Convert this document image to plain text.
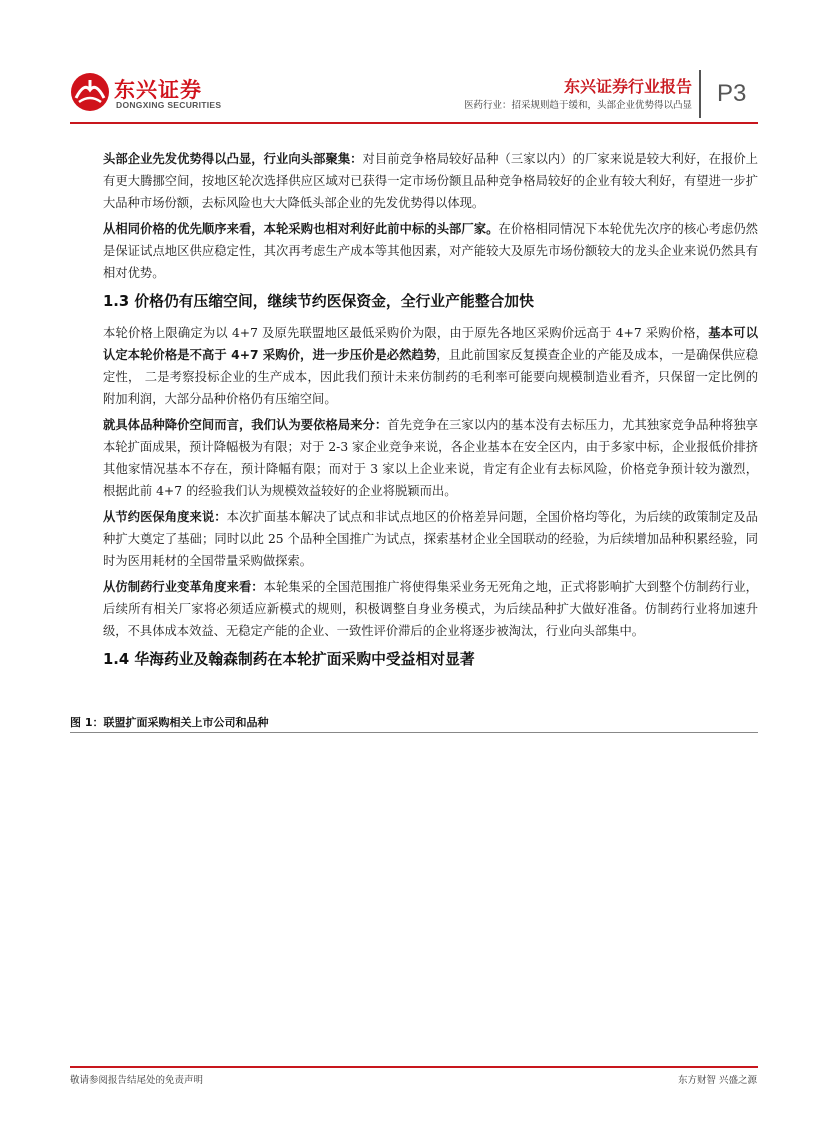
东兴证券
DONGXING SECURITIES
东兴证券行业报告
医药行业：招采规则趋于缓和，头部企业优势得以凸显 P3

头部企业先发优势得以凸显，行业向头部聚集：对目前竞争格局较好品种（三家以内）的厂家来说是较大利好，在报价上有更大腾挪空间，按地区轮次选择供应区域对已获得一定市场份额且品种竞争格局较好的企业有较大利好，有望进一步扩大品种市场份额，去标风险也大大降低头部企业的先发优势得以体现。

从相同价格的优先顺序来看，本轮采购也相对利好此前中标的头部厂家。在价格相同情况下本轮优先次序的核心考虑仍然是保证试点地区供应稳定性，其次再考虑生产成本等其他因素，对产能较大及原先市场份额较大的龙头企业来说仍然具有相对优势。

1.3 价格仍有压缩空间，继续节约医保资金，全行业产能整合加快

本轮价格上限确定为以 4+7 及原先联盟地区最低采购价为限，由于原先各地区采购价远高于 4+7 采购价格，基本可以认定本轮价格是不高于 4+7 采购价，进一步压价是必然趋势，且此前国家反复摸查企业的产能及成本，一是确保供应稳定性， 二是考察投标企业的生产成本，因此我们预计未来仿制药的毛利率可能要向规模制造业看齐，只保留一定比例的附加利润，大部分品种价格仍有压缩空间。

就具体品种降价空间而言，我们认为要依格局来分：首先竞争在三家以内的基本没有去标压力，尤其独家竞争品种将独享本轮扩面成果，预计降幅极为有限；对于 2-3 家企业竞争来说，各企业基本在安全区内，由于多家中标，企业报低价排挤其他家情况基本不存在，预计降幅有限；而对于 3 家以上企业来说，肯定有企业有去标风险，价格竞争预计较为激烈，根据此前 4+7 的经验我们认为规模效益较好的企业将脱颖而出。

从节约医保角度来说：本次扩面基本解决了试点和非试点地区的价格差异问题，全国价格均等化，为后续的政策制定及品种扩大奠定了基础；同时以此 25 个品种全国推广为试点，探索基材企业全国联动的经验，为后续增加品种积累经验，同时为医用耗材的全国带量采购做探索。

从仿制药行业变革角度来看：本轮集采的全国范围推广将使得集采业务无死角之地，正式将影响扩大到整个仿制药行业，后续所有相关厂家将必须适应新模式的规则，积极调整自身业务模式，为后续品种扩大做好准备。仿制药行业将加速升级，不具体成本效益、无稳定产能的企业、一致性评价滞后的企业将逐步被淘汰，行业向头部集中。

1.4 华海药业及翰森制药在本轮扩面采购中受益相对显著
图 1：联盟扩面采购相关上市公司和品种
敬请参阅报告结尾处的免责声明	东方财智 兴盛之源
